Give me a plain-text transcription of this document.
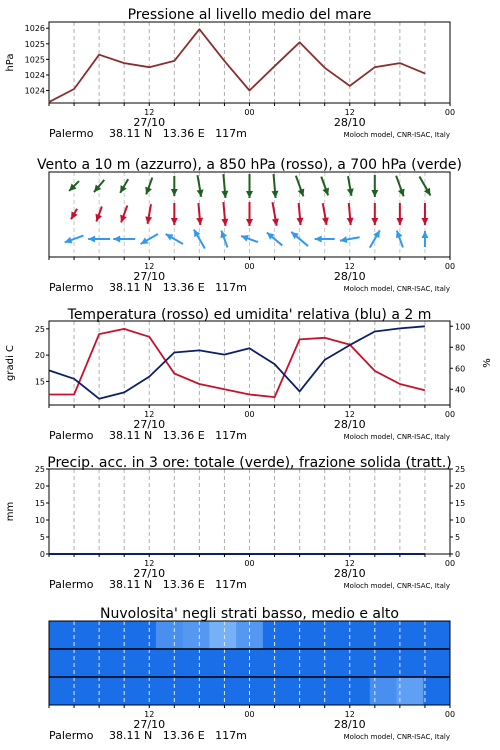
Pressione al livello medio del mare
1024
1024
1025
1025
1026
hPa
12	00	12	00
27/10	28/10
Palermo 38.11 N   13.36 E   117m	Moloch model, CNR-ISAC, Italy
Vento a 10 m (azzurro), a 850 hPa (rosso), a 700 hPa (verde)
12	00	12	00
27/10	28/10
Palermo 38.11 N   13.36 E   117m	Moloch model, CNR-ISAC, Italy
Temperatura (rosso) ed umidita' relativa (blu) a 2 m
15
20
25
40
60
80
100
gradi C	%
12	00	12	00
27/10	28/10
Palermo 38.11 N   13.36 E   117m	Moloch model, CNR-ISAC, Italy
Precip. acc. in 3 ore: totale (verde), frazione solida (tratt.)
0
5
10
15
20
25
0
5
10
15
20
25
mm
12	00	12	00
27/10	28/10
Palermo 38.11 N   13.36 E   117m	Moloch model, CNR-ISAC, Italy
Nuvolosita' negli strati basso, medio e alto
12	00	12	00
27/10	28/10
Palermo 38.11 N   13.36 E   117m	Moloch model, CNR-ISAC, Italy
